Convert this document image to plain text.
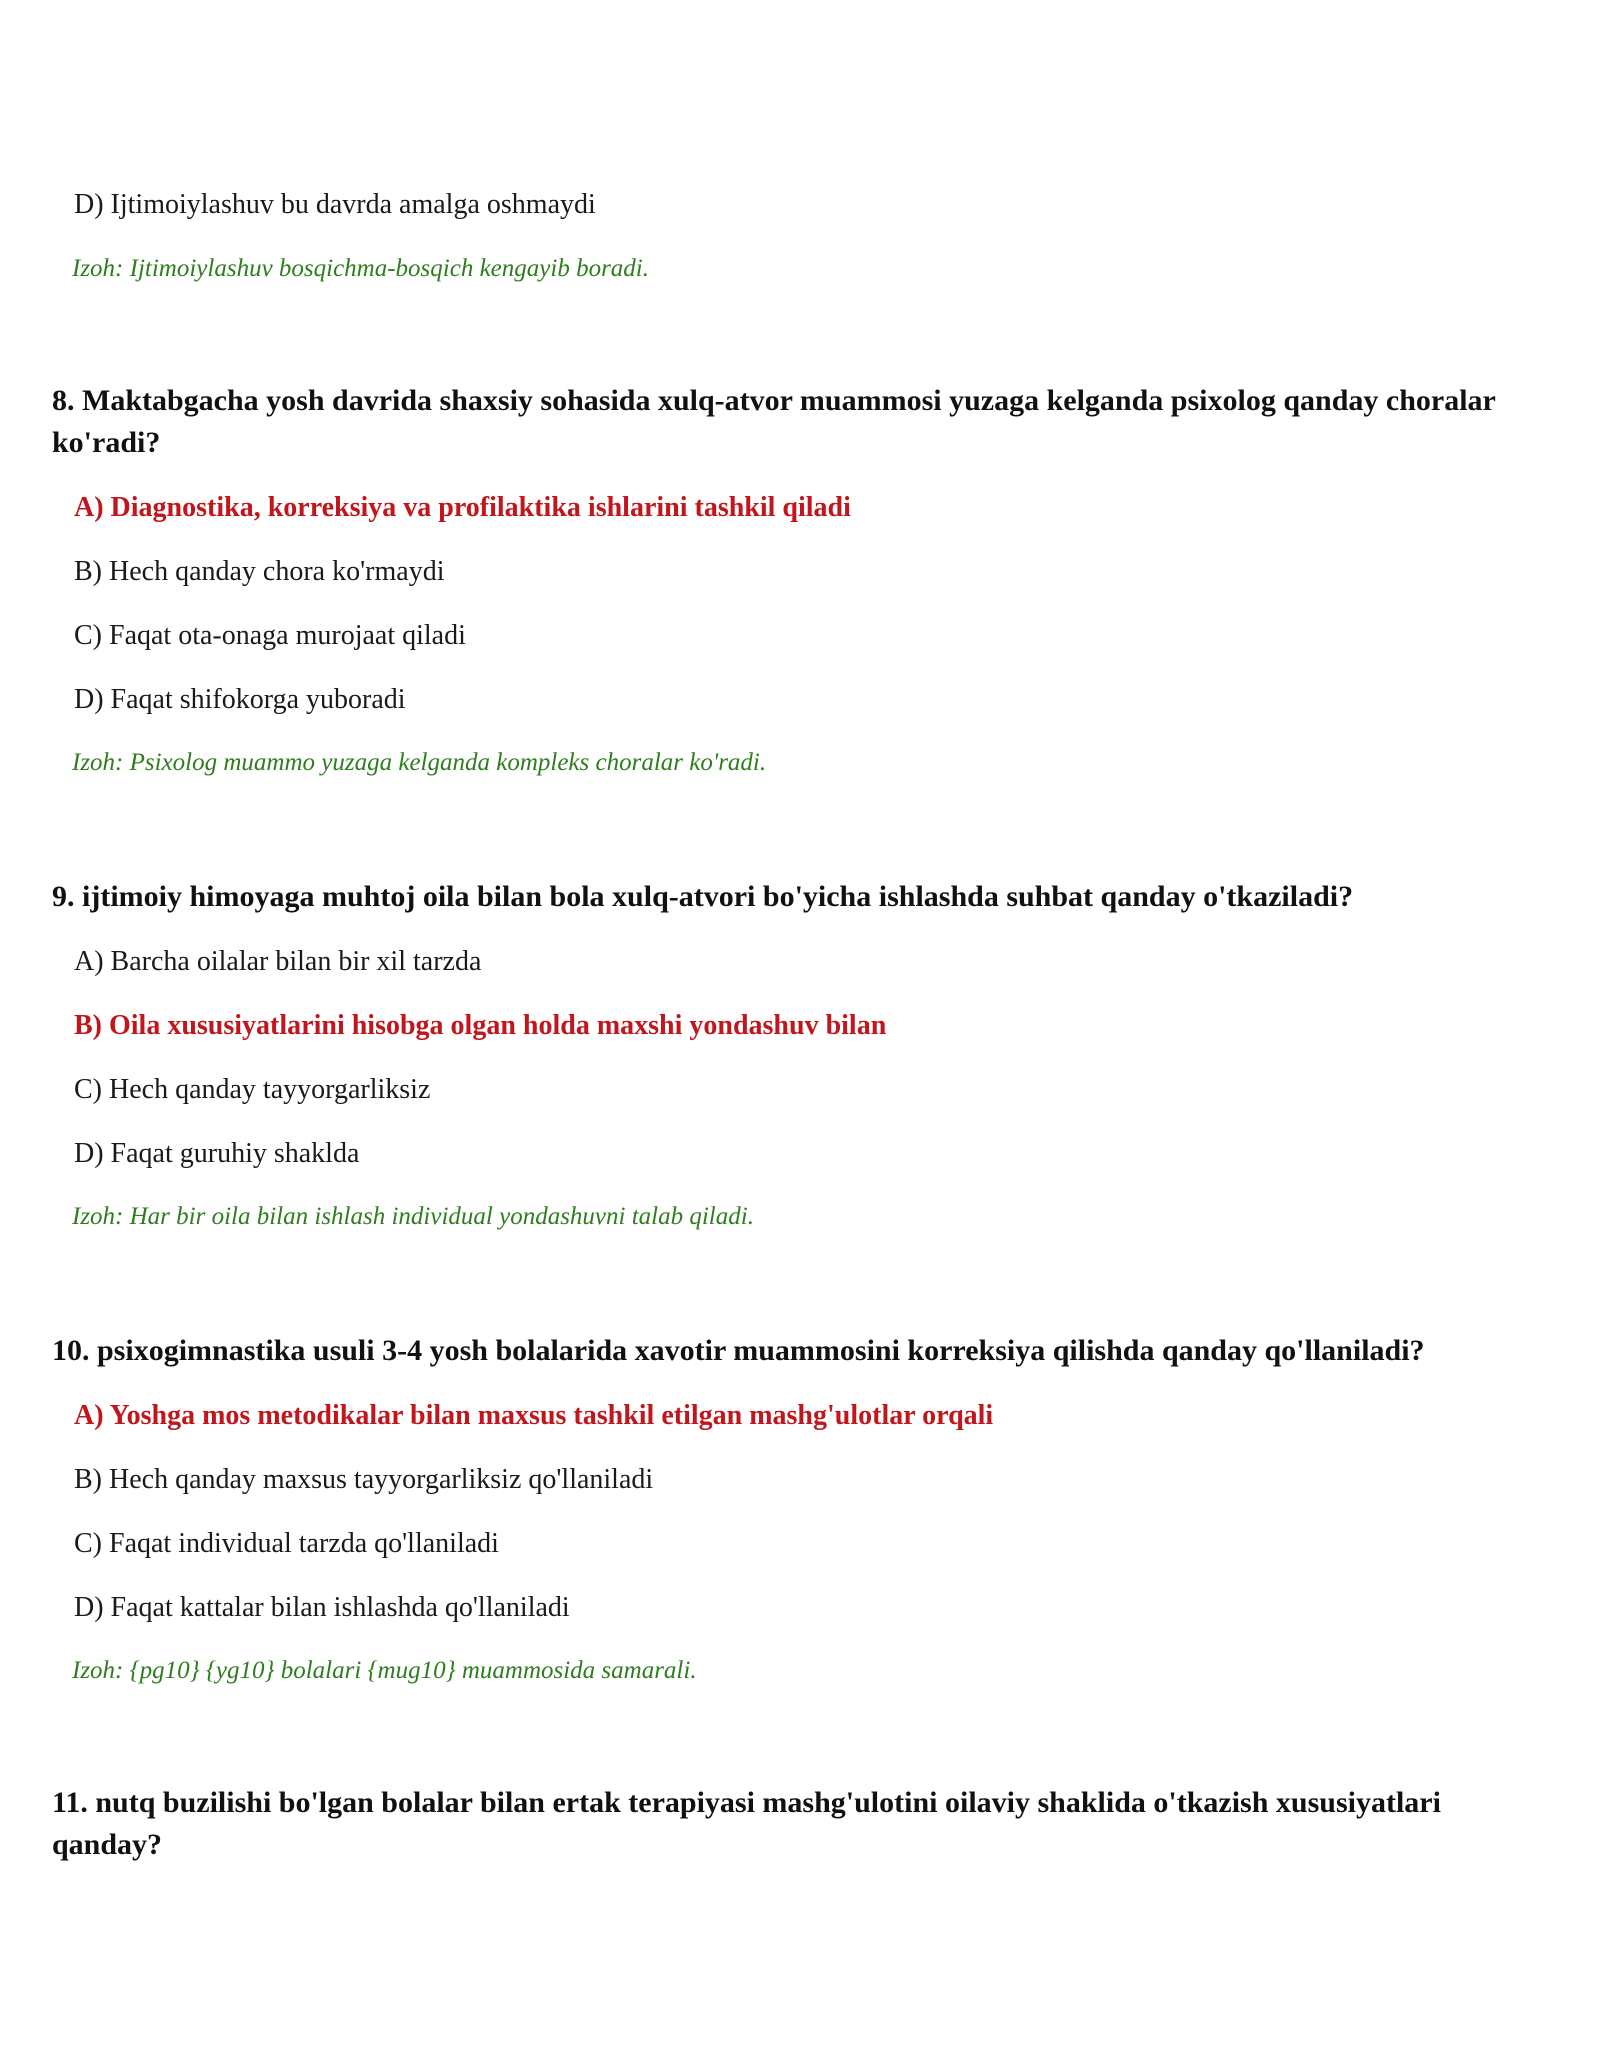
D) Ijtimoiylashuv bu davrda amalga oshmaydi
Izoh: Ijtimoiylashuv bosqichma-bosqich kengayib boradi.
8. Maktabgacha yosh davrida shaxsiy sohasida xulq-atvor muammosi yuzaga kelganda psixolog qanday choralar ko'radi?
A) Diagnostika, korreksiya va profilaktika ishlarini tashkil qiladi
B) Hech qanday chora ko'rmaydi
C) Faqat ota-onaga murojaat qiladi
D) Faqat shifokorga yuboradi
Izoh: Psixolog muammo yuzaga kelganda kompleks choralar ko'radi.
9. ijtimoiy himoyaga muhtoj oila bilan bola xulq-atvori bo'yicha ishlashda suhbat qanday o'tkaziladi?
A) Barcha oilalar bilan bir xil tarzda
B) Oila xususiyatlarini hisobga olgan holda maxshi yondashuv bilan
C) Hech qanday tayyorgarliksiz
D) Faqat guruhiy shaklda
Izoh: Har bir oila bilan ishlash individual yondashuvni talab qiladi.
10. psixogimnastika usuli 3-4 yosh bolalarida xavotir muammosini korreksiya qilishda qanday qo'llaniladi?
A) Yoshga mos metodikalar bilan maxsus tashkil etilgan mashg'ulotlar orqali
B) Hech qanday maxsus tayyorgarliksiz qo'llaniladi
C) Faqat individual tarzda qo'llaniladi
D) Faqat kattalar bilan ishlashda qo'llaniladi
Izoh: {pg10} {yg10} bolalari {mug10} muammosida samarali.
11. nutq buzilishi bo'lgan bolalar bilan ertak terapiyasi mashg'ulotini oilaviy shaklida o'tkazish xususiyatlari qanday?
